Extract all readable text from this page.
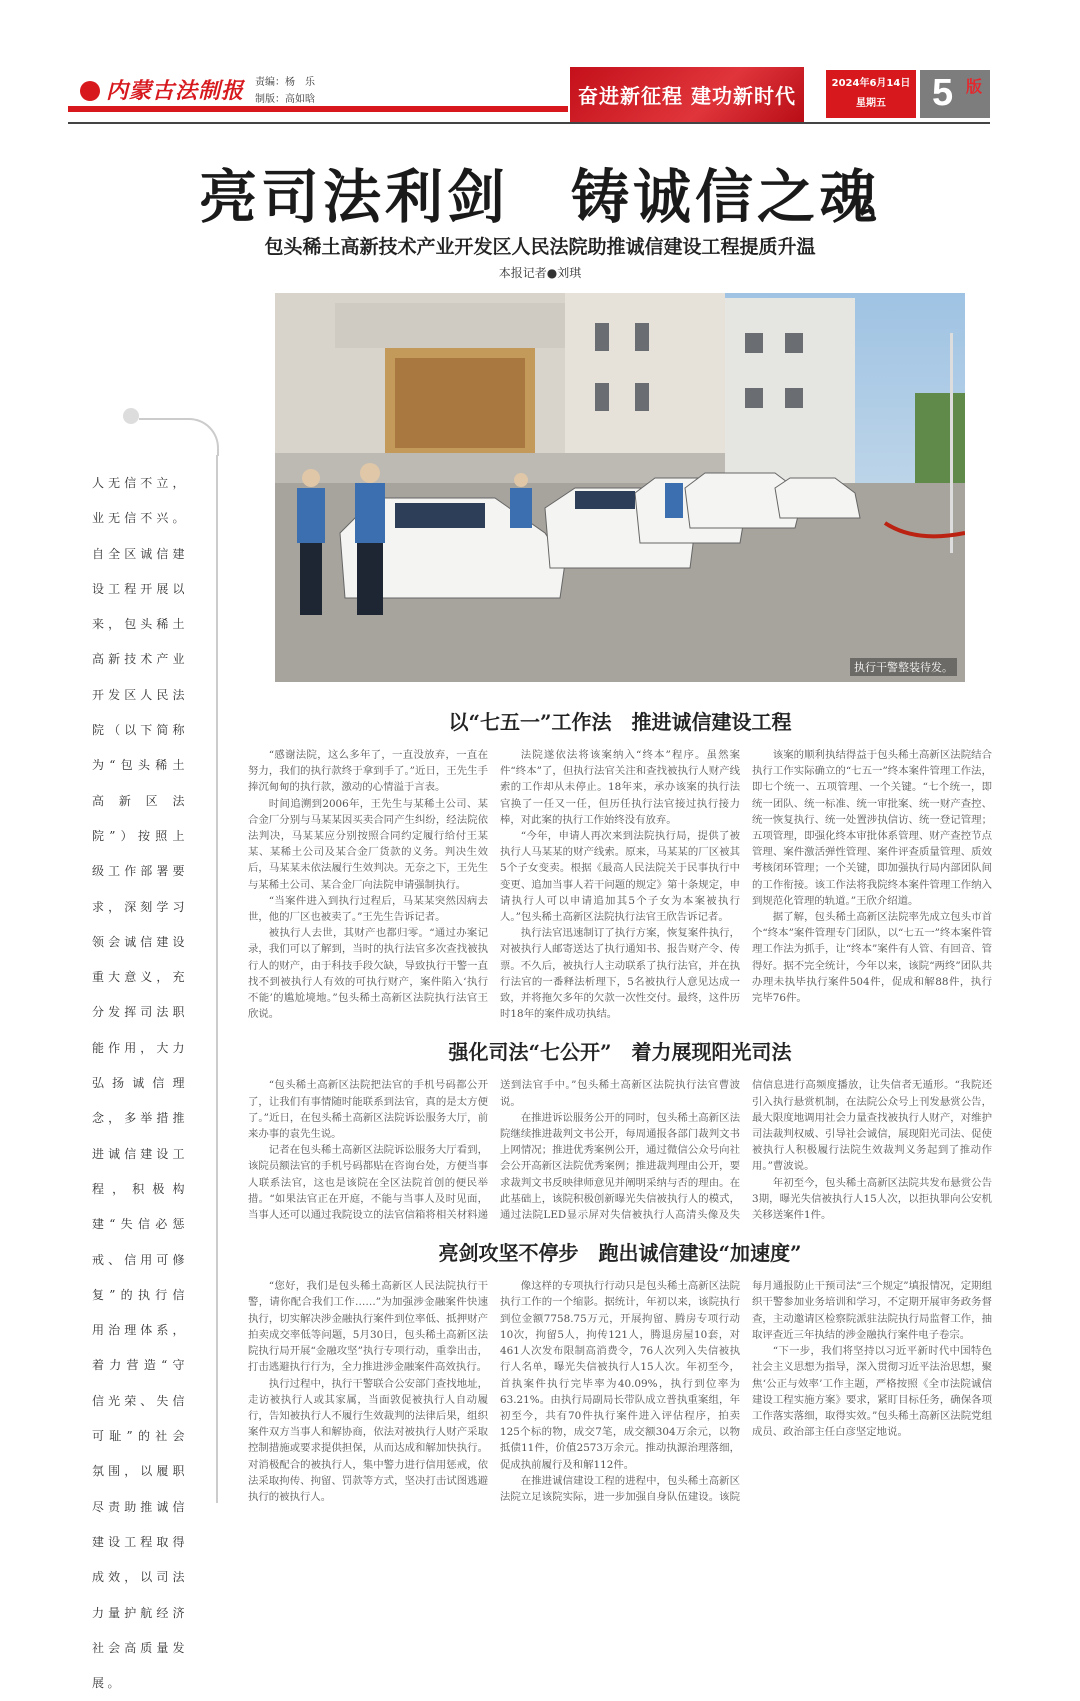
内蒙古法制报 责编：杨　乐
制版：高如晗	奋进新征程 建功新时代
2024年6月14日
星期五	5 版
亮司法利剑　铸诚信之魂
包头稀土高新技术产业开发区人民法院助推诚信建设工程提质升温
本报记者●刘琪
执行干警整装待发。
人无信不立，业无信不兴。自全区诚信建设工程开展以来，包头稀土高新技术产业开发区人民法院（以下简称为“包头稀土高新区法院”）按照上级工作部署要求，深刻学习领会诚信建设重大意义，充分发挥司法职能作用，大力弘扬诚信理念，多举措推进诚信建设工程，积极构建“失信必惩戒、信用可修复”的执行信用治理体系，着力营造“守信光荣、失信可耻”的社会氛围，以履职尽责助推诚信建设工程取得成效，以司法力量护航经济社会高质量发展。
以“七五一”工作法　推进诚信建设工程

“感谢法院，这么多年了，一直没放弃，一直在努力，我们的执行款终于拿到手了。”近日，王先生手捧沉甸甸的执行款，激动的心情溢于言表。

时间追溯到2006年，王先生与某稀土公司、某合金厂分别与马某某因买卖合同产生纠纷，经法院依法判决，马某某应分别按照合同约定履行给付王某某、某稀土公司及某合金厂货款的义务。判决生效后，马某某未依法履行生效判决。无奈之下，王先生与某稀土公司、某合金厂向法院申请强制执行。

“当案件进入到执行过程后，马某某突然因病去世，他的厂区也被卖了。”王先生告诉记者。

被执行人去世，其财产也都归零。“通过办案记录，我们可以了解到，当时的执行法官多次查找被执行人的财产，由于科技手段欠缺，导致执行干警一直找不到被执行人有效的可执行财产，案件陷入‘执行不能’的尴尬境地。”包头稀土高新区法院执行法官王欣说。

法院遂依法将该案纳入“终本”程序。虽然案件“终本”了，但执行法官关注和查找被执行人财产线索的工作却从未停止。18年来，承办该案的执行法官换了一任又一任，但历任执行法官接过执行接力棒，对此案的执行工作始终没有放弃。

“今年，申请人再次来到法院执行局，提供了被执行人马某某的财产线索。原来，马某某的厂区被其5个子女变卖。根据《最高人民法院关于民事执行中变更、追加当事人若干问题的规定》第十条规定，申请执行人可以申请追加其5个子女为本案被执行人。”包头稀土高新区法院执行法官王欣告诉记者。

执行法官迅速制订了执行方案，恢复案件执行，对被执行人邮寄送达了执行通知书、报告财产令、传票。不久后，被执行人主动联系了执行法官，并在执行法官的一番释法析理下，5名被执行人意见达成一致，并将拖欠多年的欠款一次性交付。最终，这件历时18年的案件成功执结。

该案的顺利执结得益于包头稀土高新区法院结合执行工作实际确立的“七五一”终本案件管理工作法，即七个统一、五项管理、一个关键。“七个统一，即统一团队、统一标准、统一审批案、统一财产查控、统一恢复执行、统一处置涉执信访、统一登记管理；五项管理，即强化终本审批体系管理、财产查控节点管理、案件激活弹性管理、案件评查质量管理、质效考核闭环管理；一个关键，即加强执行局内部团队间的工作衔接。该工作法将我院终本案件管理工作纳入到规范化管理的轨道。”王欣介绍道。

据了解，包头稀土高新区法院率先成立包头市首个“终本”案件管理专门团队，以“七五一”终本案件管理工作法为抓手，让“终本”案件有人管、有回音、管得好。据不完全统计，今年以来，该院“两终”团队共办理未执毕执行案件504件，促成和解88件，执行完毕76件。

强化司法“七公开”　着力展现阳光司法

“包头稀土高新区法院把法官的手机号码都公开了，让我们有事情随时能联系到法官，真的是太方便了。”近日，在包头稀土高新区法院诉讼服务大厅，前来办事的袁先生说。

记者在包头稀土高新区法院诉讼服务大厅看到，该院员额法官的手机号码都贴在咨询台处，方便当事人联系法官，这也是该院在全区法院首创的便民举措。“如果法官正在开庭，不能与当事人及时见面，当事人还可以通过我院设立的法官信箱将相关材料递送到法官手中。”包头稀土高新区法院执行法官曹波说。

在推进诉讼服务公开的同时，包头稀土高新区法院继续推进裁判文书公开，每周通报各部门裁判文书上网情况；推进优秀案例公开，通过微信公众号向社会公开高新区法院优秀案例；推进裁判理由公开，要求裁判文书反映律师意见并阐明采纳与否的理由。在此基础上，该院积极创新曝光失信被执行人的模式，通过法院LED显示屏对失信被执行人高清头像及失信信息进行高频度播放，让失信者无遁形。“我院还引入执行悬赏机制，在法院公众号上刊发悬赏公告，最大限度地调用社会力量查找被执行人财产，对维护司法裁判权威、引导社会诚信，展现阳光司法、促使被执行人积极履行法院生效裁判义务起到了推动作用。”曹波说。

年初至今，包头稀土高新区法院共发布悬赏公告3期，曝光失信被执行人15人次，以拒执罪向公安机关移送案件1件。

亮剑攻坚不停步　跑出诚信建设“加速度”

“您好，我们是包头稀土高新区人民法院执行干警，请你配合我们工作……”为加强涉金融案件快速执行，切实解决涉金融执行案件到位率低、抵押财产拍卖成交率低等问题，5月30日，包头稀土高新区法院执行局开展“金融攻坚”执行专项行动，重拳出击，打击逃避执行行为，全力推进涉金融案件高效执行。

执行过程中，执行干警联合公安部门查找地址，走访被执行人或其家属，当面敦促被执行人自动履行，告知被执行人不履行生效裁判的法律后果，组织案件双方当事人和解协商，依法对被执行人财产采取控制措施或要求提供担保，从而达成和解加快执行。对消极配合的被执行人，集中警力进行信用惩戒，依法采取拘传、拘留、罚款等方式，坚决打击试图逃避执行的被执行人。

像这样的专项执行行动只是包头稀土高新区法院执行工作的一个缩影。据统计，年初以来，该院执行到位金额7758.75万元，开展拘留、腾房专项行动10次，拘留5人，拘传121人，腾退房屋10套，对461人次发布限制高消费令，76人次列入失信被执行人名单，曝光失信被执行人15人次。年初至今，首执案件执行完毕率为40.09%，执行到位率为63.21%。由执行局副局长带队成立普执重案组，年初至今，共有70件执行案件进入评估程序，拍卖125个标的物，成交7笔，成交额304万余元，以物抵债11件，价值2573万余元。推动执源治理落细，促成执前履行及和解112件。

在推进诚信建设工程的进程中，包头稀土高新区法院立足该院实际，进一步加强自身队伍建设。该院每月通报防止干预司法“三个规定”填报情况，定期组织干警参加业务培训和学习，不定期开展审务政务督查，主动邀请区检察院派驻法院执行局监督工作，抽取评查近三年执结的涉金融执行案件电子卷宗。

“下一步，我们将坚持以习近平新时代中国特色社会主义思想为指导，深入贯彻习近平法治思想，聚焦‘公正与效率’工作主题，严格按照《全市法院诚信建设工程实施方案》要求，紧盯目标任务，确保各项工作落实落细，取得实效。”包头稀土高新区法院党组成员、政治部主任白彦坚定地说。
